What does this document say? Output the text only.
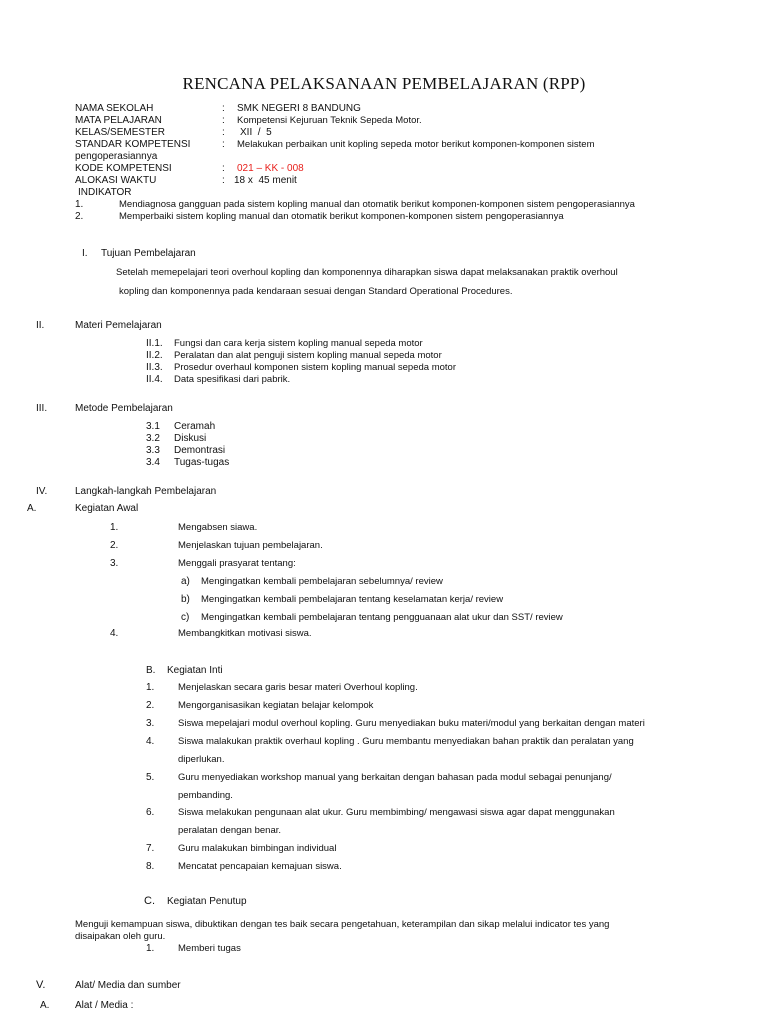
RENCANA PELAKSANAAN PEMBELAJARAN (RPP)
NAMA SEKOLAH	: SMK NEGERI 8 BANDUNG
MATA PELAJARAN	: Kompetensi Kejuruan Teknik Sepeda Motor.
KELAS/SEMESTER	: XII  /  5
STANDAR KOMPETENSI	: Melakukan perbaikan unit kopling sepeda motor berikut komponen-komponen sistem
pengoperasiannya
KODE KOMPETENSI	: 021 – KK - 008
ALOKASI WAKTU	: 18 x  45 menit
INDIKATOR
1.	Mendiagnosa gangguan pada sistem kopling manual dan otomatik berikut komponen-komponen sistem pengoperasiannya
2.	Memperbaiki sistem kopling manual dan otomatik berikut komponen-komponen sistem pengoperasiannya
I. Tujuan Pembelajaran
Setelah memepelajari teori overhoul kopling dan komponennya diharapkan siswa dapat melaksanakan praktik overhoul
kopling dan komponennya pada kendaraan sesuai dengan Standard Operational Procedures.
II.	Materi Pemelajaran
II.1. Fungsi dan cara kerja sistem kopling manual sepeda motor
II.2. Peralatan dan alat penguji sistem kopling manual sepeda motor
II.3. Prosedur overhaul komponen sistem kopling manual sepeda motor
II.4. Data spesifikasi dari pabrik.
III.	Metode Pembelajaran
3.1 Ceramah
3.2 Diskusi
3.3 Demontrasi
3.4 Tugas-tugas
IV.	Langkah-langkah Pembelajaran
A.	Kegiatan Awal
1.	Mengabsen siawa.
2.	Menjelaskan tujuan pembelajaran.
3.	Menggali prasyarat tentang:
a) Mengingatkan kembali pembelajaran sebelumnya/ review
b) Mengingatkan kembali pembelajaran tentang keselamatan kerja/ review
c) Mengingatkan kembali pembelajaran tentang pengguanaan alat ukur dan SST/ review
4.	Membangkitkan motivasi siswa.
B. Kegiatan Inti
1. Menjelaskan secara garis besar materi Overhoul kopling.
2. Mengorganisasikan kegiatan belajar kelompok
3. Siswa mepelajari modul overhoul kopling. Guru menyediakan buku materi/modul yang berkaitan dengan materi
4. Siswa malakukan praktik overhaul kopling . Guru membantu menyediakan bahan praktik dan peralatan yang
diperlukan.
5. Guru menyediakan workshop manual yang berkaitan dengan bahasan pada modul sebagai penunjang/
pembanding.
6. Siswa melakukan pengunaan alat ukur. Guru membimbing/ mengawasi siswa agar dapat menggunakan
peralatan dengan benar.
7. Guru malakukan bimbingan individual
8. Mencatat pencapaian kemajuan siswa.
C. Kegiatan Penutup
Menguji kemampuan siswa, dibuktikan dengan tes baik secara pengetahuan, keterampilan dan sikap melalui indicator tes yang
disaipakan oleh guru.
1. Memberi tugas
V.	Alat/ Media dan sumber
A.	Alat / Media :
